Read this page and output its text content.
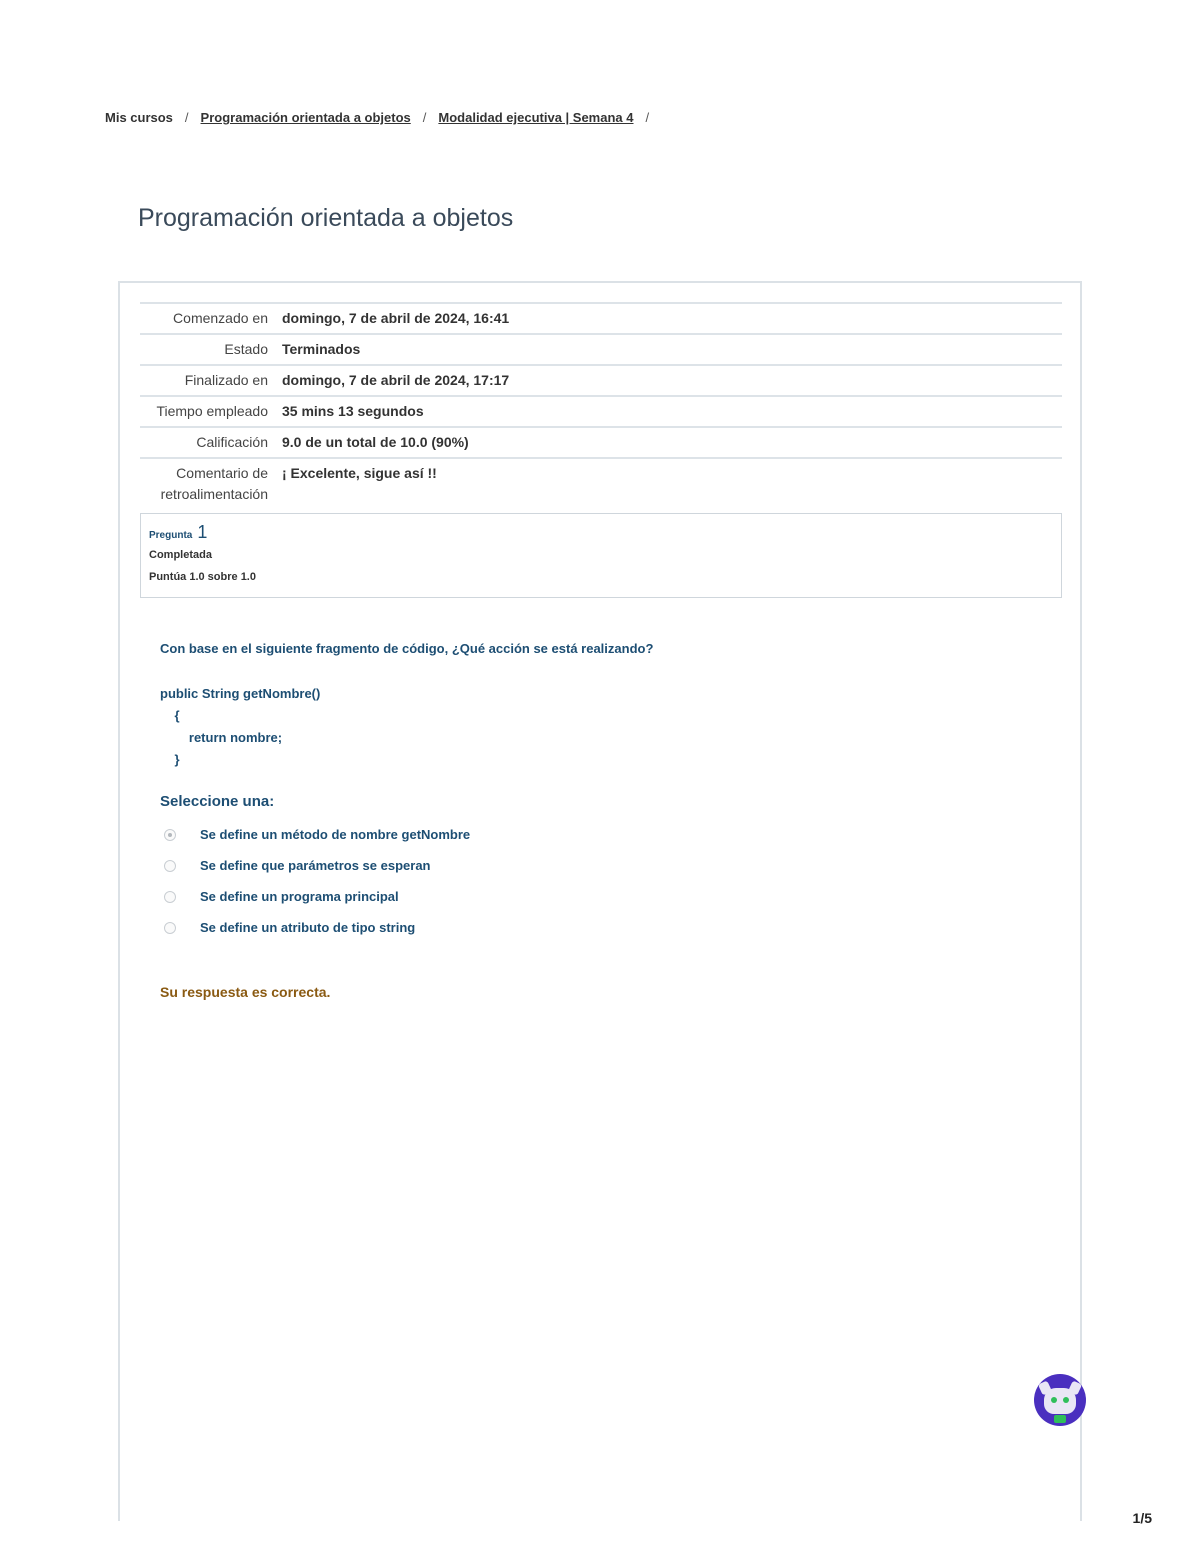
Mis cursos / Programación orientada a objetos / Modalidad ejecutiva | Semana 4 /
Programación orientada a objetos
Comenzado en	domingo, 7 de abril de 2024, 16:41
Estado	Terminados
Finalizado en	domingo, 7 de abril de 2024, 17:17
Tiempo empleado	35 mins 13 segundos
Calificación	9.0 de un total de 10.0 (90%)
Comentario de retroalimentación	¡ Excelente, sigue así !!
Pregunta 1
Completada
Puntúa 1.0 sobre 1.0
Con base en el siguiente fragmento de código, ¿Qué acción se está realizando?
public String getNombre()
{
return nombre;
}
Seleccione una:
Se define un método de nombre getNombre
Se define que parámetros se esperan
Se define un programa principal
Se define un atributo de tipo string
Su respuesta es correcta.
1/5
